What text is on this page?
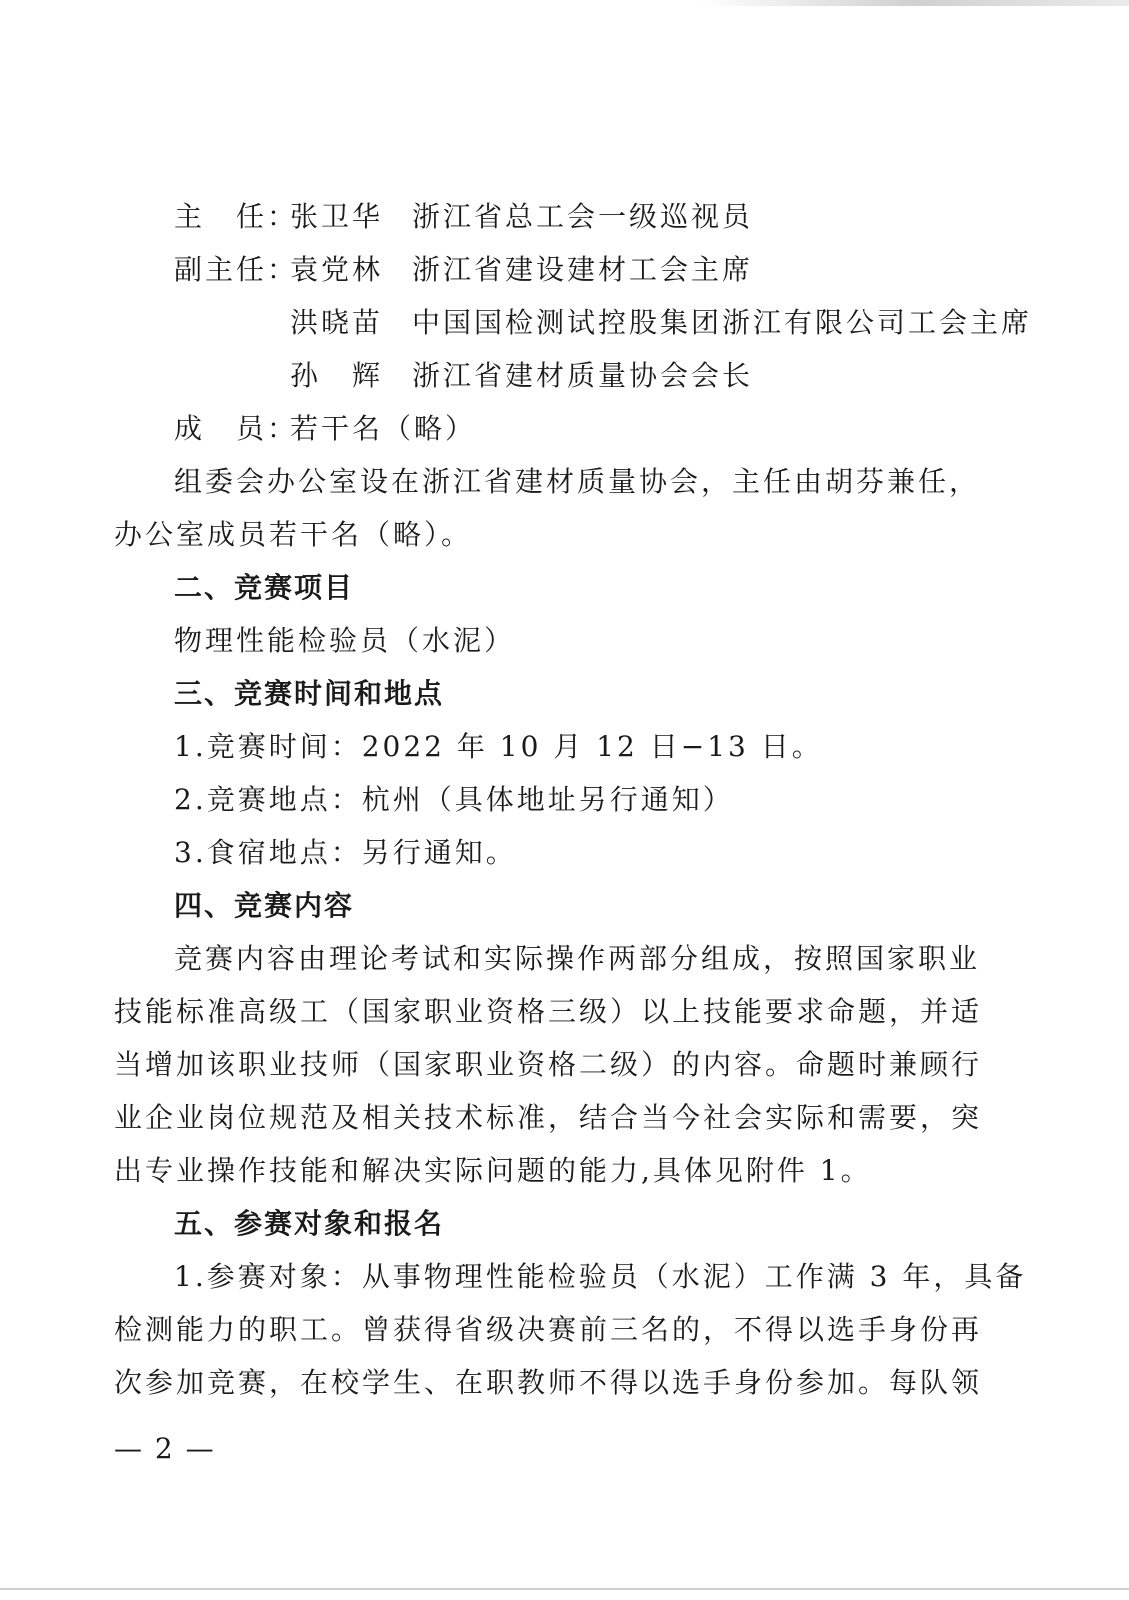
主　任：张卫华 浙江省总工会一级巡视员
副主任：袁党林 浙江省建设建材工会主席
洪晓苗 中国国检测试控股集团浙江有限公司工会主席
孙　辉 浙江省建材质量协会会长
成　员：若干名（略）
组委会办公室设在浙江省建材质量协会，主任由胡芬兼任，
办公室成员若干名（略）。
二、竞赛项目
物理性能检验员（水泥）
三、竞赛时间和地点
1.竞赛时间：2022 年 10 月 12 日−13 日。
2.竞赛地点：杭州（具体地址另行通知）
3.食宿地点：另行通知。
四、竞赛内容
竞赛内容由理论考试和实际操作两部分组成，按照国家职业
技能标准高级工（国家职业资格三级）以上技能要求命题，并适
当增加该职业技师（国家职业资格二级）的内容。命题时兼顾行
业企业岗位规范及相关技术标准，结合当今社会实际和需要，突
出专业操作技能和解决实际问题的能力,具体见附件 1。
五、参赛对象和报名
1.参赛对象：从事物理性能检验员（水泥）工作满 3 年，具备
检测能力的职工。曾获得省级决赛前三名的，不得以选手身份再
次参加竞赛，在校学生、在职教师不得以选手身份参加。每队领
— 2 —
